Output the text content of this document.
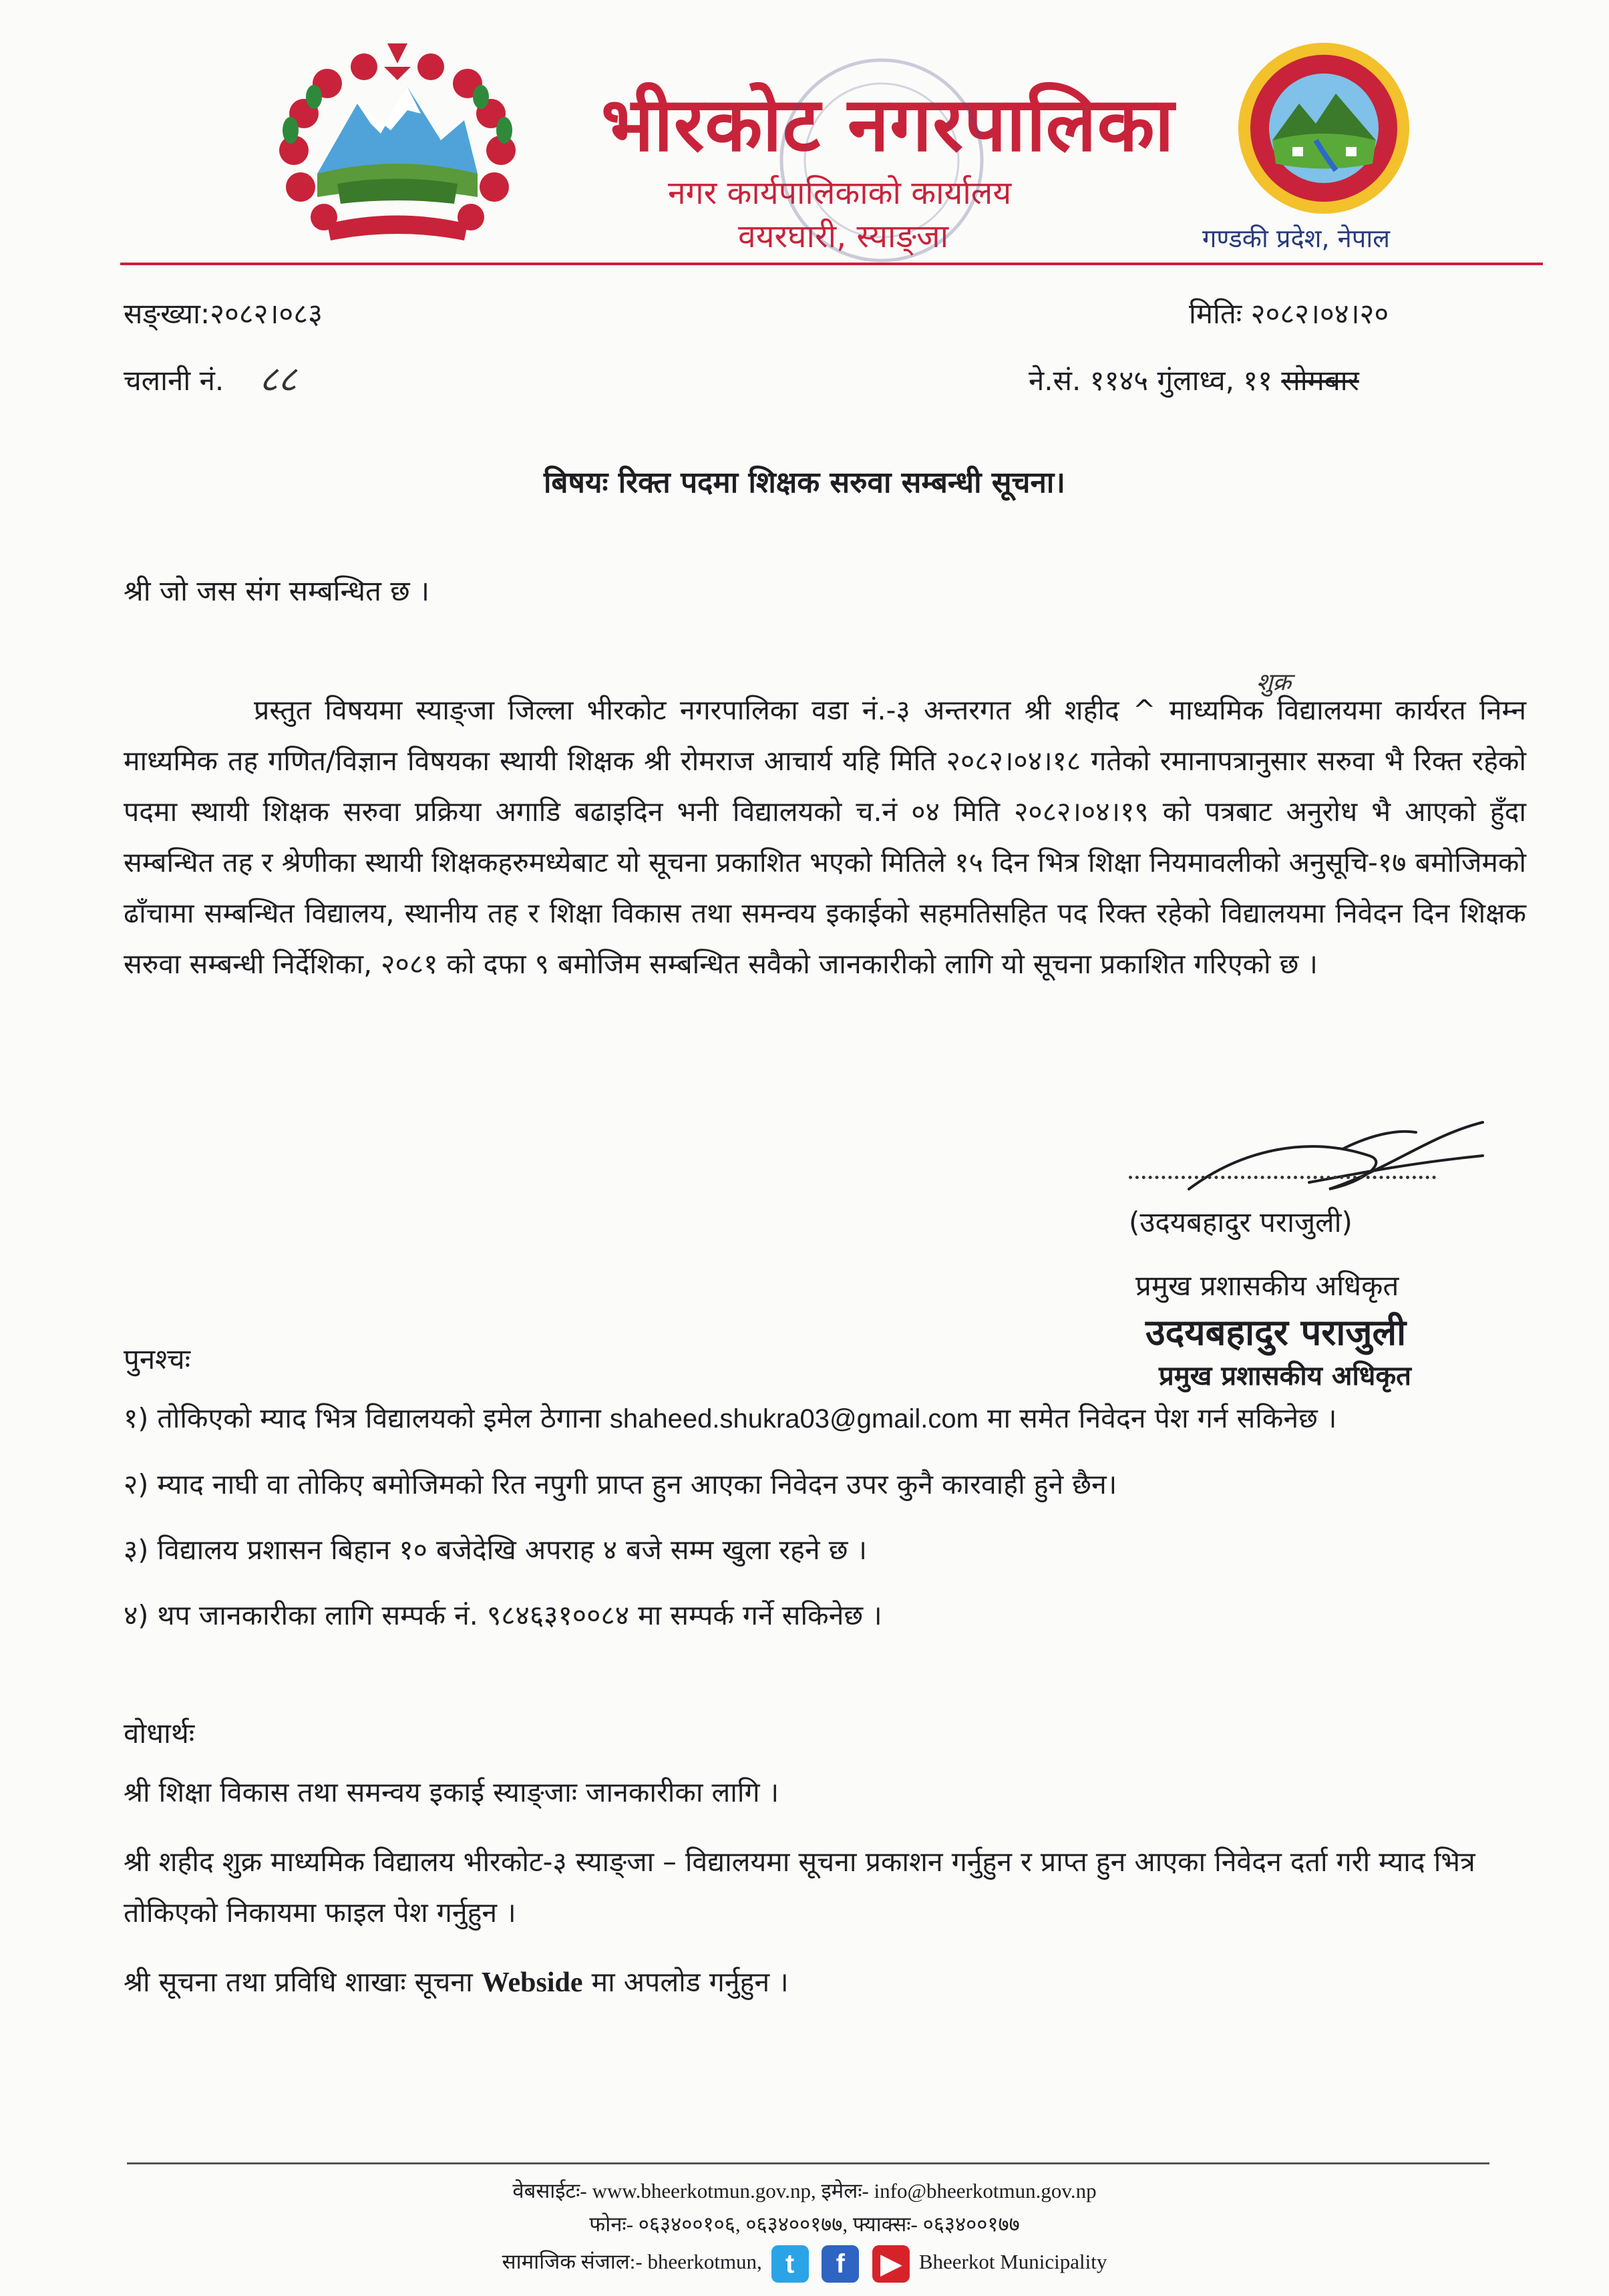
भीरकोट नगरपालिका
नगर कार्यपालिकाको कार्यालय
वयरघारी, स्याङ्जा	गण्डकी प्रदेश, नेपाल
सङ्ख्या:२०८२।०८३
चलानी नं. ८८
मितिः २०८२।०४।२०
ने.सं. ११४५ गुंलाध्व, ११ सोमबार
बिषयः रिक्त पदमा शिक्षक सरुवा सम्बन्धी सूचना।
श्री जो जस संग सम्बन्धित छ ।

प्रस्तुत विषयमा स्याङ्जा जिल्ला भीरकोट नगरपालिका वडा नं.-३ अन्तरगत श्री शहीद
शुक्र
^ माध्यमिक विद्यालयमा कार्यरत निम्न माध्यमिक तह गणित/विज्ञान विषयका स्थायी शिक्षक श्री रोमराज आचार्य यहि मिति २०८२।०४।१८ गतेको रमानापत्रानुसार सरुवा भै रिक्त रहेको पदमा स्थायी शिक्षक सरुवा प्रक्रिया अगाडि बढाइदिन भनी विद्यालयको च.नं ०४ मिति २०८२।०४।१९ को पत्रबाट अनुरोध भै आएको हुँदा सम्बन्धित तह र श्रेणीका स्थायी शिक्षकहरुमध्येबाट यो सूचना प्रकाशित भएको मितिले १५ दिन भित्र शिक्षा नियमावलीको अनुसूचि-१७ बमोजिमको ढाँचामा सम्बन्धित विद्यालय, स्थानीय तह र शिक्षा विकास तथा समन्वय इकाईको सहमतिसहित पद रिक्त रहेको विद्यालयमा निवेदन दिन शिक्षक सरुवा सम्बन्धी निर्देशिका, २०८१ को दफा ९ बमोजिम सम्बन्धित सवैको जानकारीको लागि यो सूचना प्रकाशित गरिएको छ ।

(उदयबहादुर पराजुली)
प्रमुख प्रशासकीय अधिकृत
उदयबहादुर पराजुली
प्रमुख प्रशासकीय अधिकृत
पुनश्चः
१) तोकिएको म्याद भित्र विद्यालयको इमेल ठेगाना shaheed.shukra03@gmail.com मा समेत निवेदन पेश गर्न सकिनेछ ।
२) म्याद नाघी वा तोकिए बमोजिमको रित नपुगी प्राप्त हुन आएका निवेदन उपर कुनै कारवाही हुने छैन।
३) विद्यालय प्रशासन बिहान १० बजेदेखि अपराह ४ बजे सम्म खुला रहने छ ।
४) थप जानकारीका लागि सम्पर्क नं. ९८४६३१००८४ मा सम्पर्क गर्ने सकिनेछ ।
वोधार्थः
श्री शिक्षा विकास तथा समन्वय इकाई स्याङ्जाः जानकारीका लागि ।
श्री शहीद शुक्र माध्यमिक विद्यालय भीरकोट-३ स्याङ्जा – विद्यालयमा सूचना प्रकाशन गर्नुहुन र प्राप्त हुन आएका निवेदन दर्ता गरी म्याद भित्र तोकिएको निकायमा फाइल पेश गर्नुहुन ।
श्री सूचना तथा प्रविधि शाखाः सूचना Webside मा अपलोड गर्नुहुन ।
वेबसाईटः- www.bheerkotmun.gov.np, इमेलः- info@bheerkotmun.gov.np
फोनः- ०६३४००१०६, ०६३४००१७७, फ्याक्सः- ०६३४००१७७
सामाजिक संजाल:- bheerkotmun, t f ▶ Bheerkot Municipality
